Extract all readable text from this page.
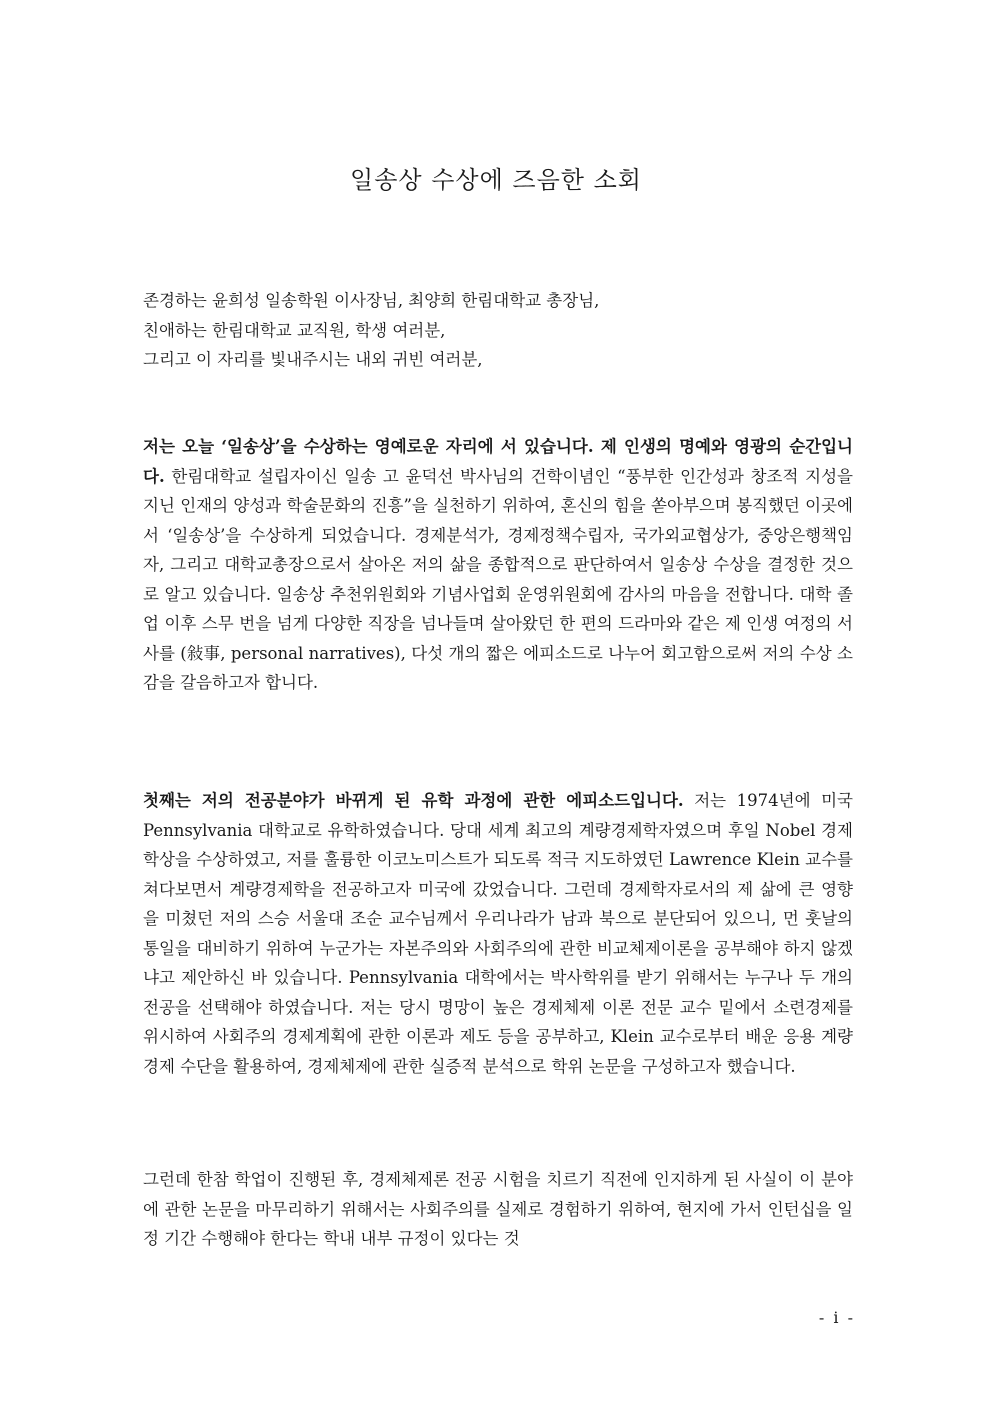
일송상 수상에 즈음한 소회

존경하는 윤희성 일송학원 이사장님, 최양희 한림대학교 총장님,
친애하는 한림대학교 교직원, 학생 여러분,
그리고 이 자리를 빛내주시는 내외 귀빈 여러분,

저는 오늘 ‘일송상’을 수상하는 영예로운 자리에 서 있습니다. 제 인생의 명예와 영광의 순간입니다. 한림대학교 설립자이신 일송 고 윤덕선 박사님의 건학이념인 “풍부한 인간성과 창조적 지성을 지닌 인재의 양성과 학술문화의 진흥”을 실천하기 위하여, 혼신의 힘을 쏟아부으며 봉직했던 이곳에서 ‘일송상’을 수상하게 되었습니다. 경제분석가, 경제정책수립자, 국가외교협상가, 중앙은행책임자, 그리고 대학교총장으로서 살아온 저의 삶을 종합적으로 판단하여서 일송상 수상을 결정한 것으로 알고 있습니다. 일송상 추천위원회와 기념사업회 운영위원회에 감사의 마음을 전합니다. 대학 졸업 이후 스무 번을 넘게 다양한 직장을 넘나들며 살아왔던 한 편의 드라마와 같은 제 인생 여정의 서사를 (敍事, personal narratives), 다섯 개의 짧은 에피소드로 나누어 회고함으로써 저의 수상 소감을 갈음하고자 합니다.

첫째는 저의 전공분야가 바뀌게 된 유학 과정에 관한 에피소드입니다. 저는 1974년에 미국 Pennsylvania 대학교로 유학하였습니다. 당대 세계 최고의 계량경제학자였으며 후일 Nobel 경제학상을 수상하였고, 저를 훌륭한 이코노미스트가 되도록 적극 지도하였던 Lawrence Klein 교수를 쳐다보면서 계량경제학을 전공하고자 미국에 갔었습니다. 그런데 경제학자로서의 제 삶에 큰 영향을 미쳤던 저의 스승 서울대 조순 교수님께서 우리나라가 남과 북으로 분단되어 있으니, 먼 훗날의 통일을 대비하기 위하여 누군가는 자본주의와 사회주의에 관한 비교체제이론을 공부해야 하지 않겠냐고 제안하신 바 있습니다. Pennsylvania 대학에서는 박사학위를 받기 위해서는 누구나 두 개의 전공을 선택해야 하였습니다. 저는 당시 명망이 높은 경제체제 이론 전문 교수 밑에서 소련경제를 위시하여 사회주의 경제계획에 관한 이론과 제도 등을 공부하고, Klein 교수로부터 배운 응용 계량경제 수단을 활용하여, 경제체제에 관한 실증적 분석으로 학위 논문을 구성하고자 했습니다.

그런데 한참 학업이 진행된 후, 경제체제론 전공 시험을 치르기 직전에 인지하게 된 사실이 이 분야에 관한 논문을 마무리하기 위해서는 사회주의를 실제로 경험하기 위하여, 현지에 가서 인턴십을 일정 기간 수행해야 한다는 학내 내부 규정이 있다는 것

- i -
